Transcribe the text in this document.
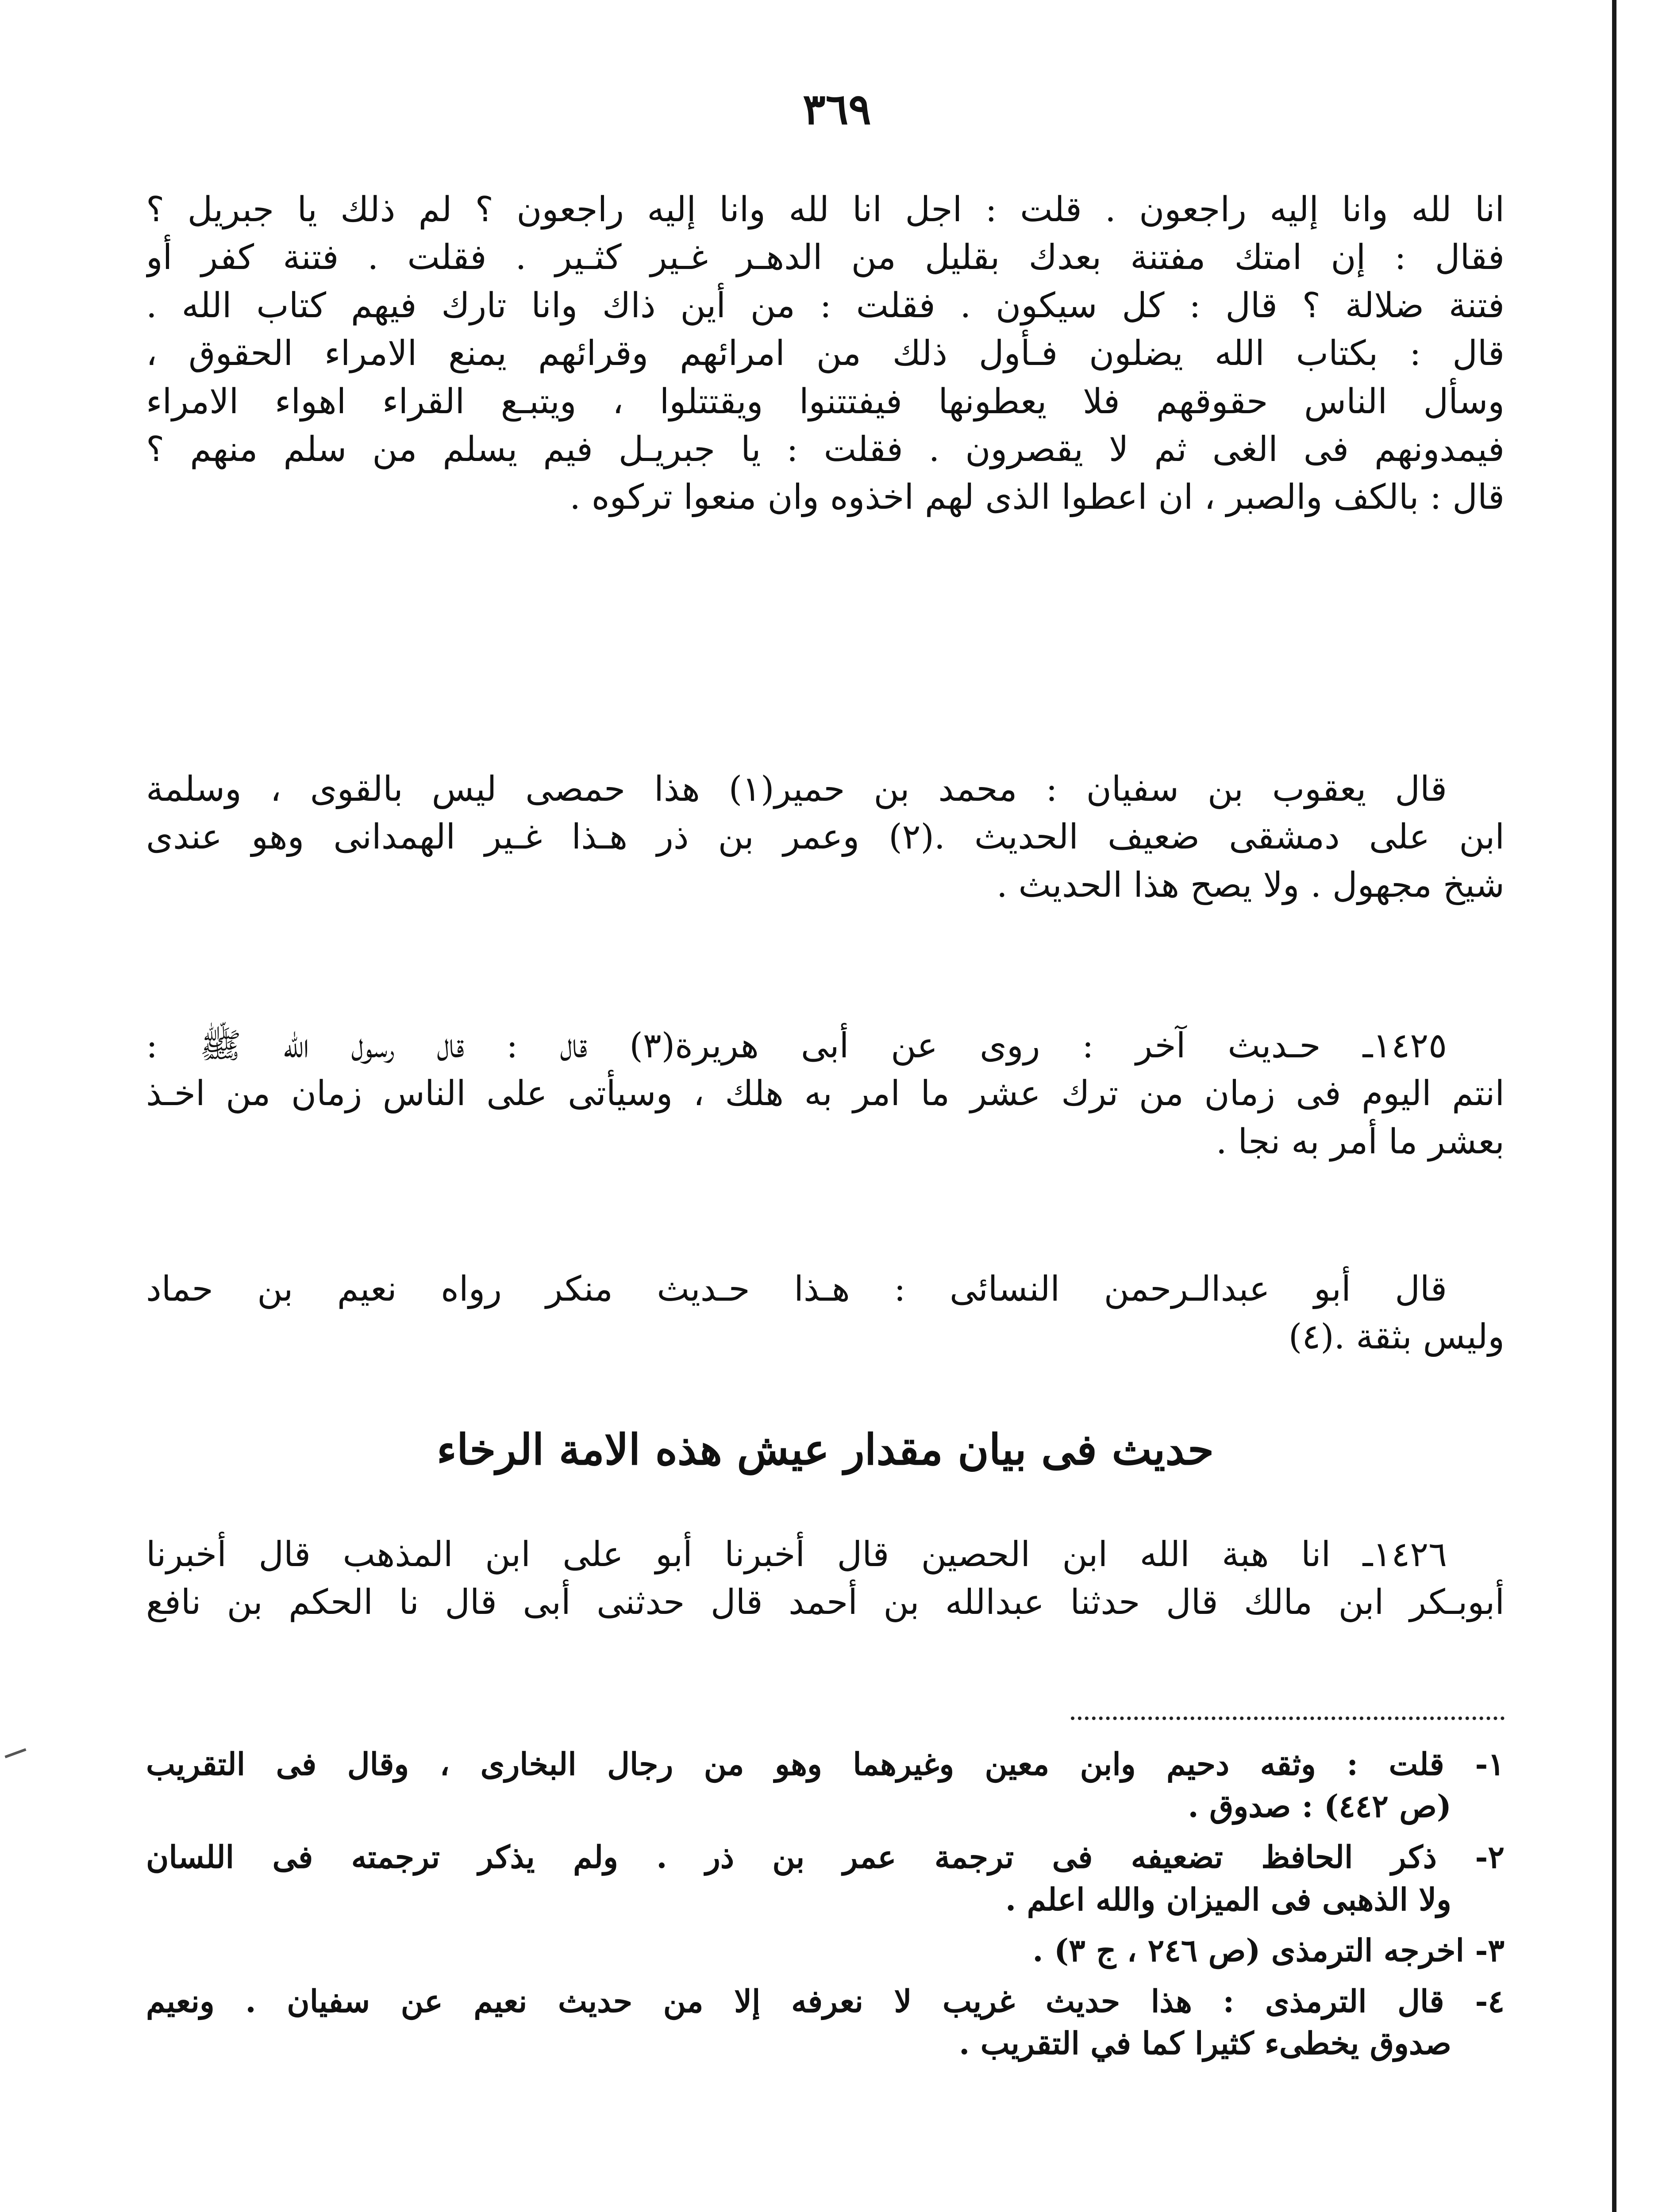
٣٦٩
انا لله وانا إليه راجعون . قلت : اجل انا لله وانا إليه راجعون ؟ لم ذلك يا جبريل ؟
فقال : إن امتك مفتنة بعدك بقليل من الدهـر غـير كثـير . فقلت . فتنة كفر أو
فتنة ضلالة ؟ قال : كل سيكون . فقلت : من أين ذاك وانا تارك فيهم كتاب الله .
قال : بكتاب الله يضلون فـأول ذلك من امرائهم وقرائهم يمنع الامراء الحقوق ،
وسأل الناس حقوقهم فلا يعطونها فيفتتنوا ويقتتلوا ، ويتبـع القراء اهواء الامراء
فيمدونهم فى الغى ثم لا يقصرون . فقلت : يا جبريـل فيم يسلم من سلم منهم ؟
قال : بالكف والصبر ، ان اعطوا الذى لهم اخذوه وان منعوا تركوه .
قال يعقوب بن سفيان : محمد بن حمير(١) هذا حمصى ليس بالقوى ، وسلمة
ابن على دمشقى ضعيف الحديث .(٢) وعمر بن ذر هـذا غـير الهمدانى وهو عندى
شيخ مجهول . ولا يصح هذا الحديث .
١٤٢٥ـ حـديث آخر : روى عن أبى هريرة(٣) قال : قال رسول الله ﷺ :
انتم اليوم فى زمان من ترك عشر ما امر به هلك ، وسيأتى على الناس زمان من اخـذ
بعشر ما أمر به نجا .
قال أبو عبدالـرحمن النسائى : هـذا حـديث منكر رواه نعيم بن حماد
وليس بثقة .(٤)
حديث فى بيان مقدار عيش هذه الامة الرخاء
١٤٢٦ـ انا هبة الله ابن الحصين قال أخبرنا أبو على ابن المذهب قال أخبرنا
أبوبـكر ابن مالك قال حدثنا عبدالله بن أحمد قال حدثنى أبى قال نا الحكم بن نافع
١- قلت : وثقه دحيم وابن معين وغيرهما وهو من رجال البخارى ، وقال فى التقريب
(ص ٤٤٢) : صدوق .
٢- ذكر الحافظ تضعيفه فى ترجمة عمر بن ذر . ولم يذكر ترجمته فى اللسان
ولا الذهبى فى الميزان والله اعلم .
٣- اخرجه الترمذى (ص ٢٤٦ ، ج ٣) .
٤- قال الترمذى : هذا حديث غريب لا نعرفه إلا من حديث نعيم عن سفيان . ونعيم
صدوق يخطىء كثيرا كما في التقريب .
